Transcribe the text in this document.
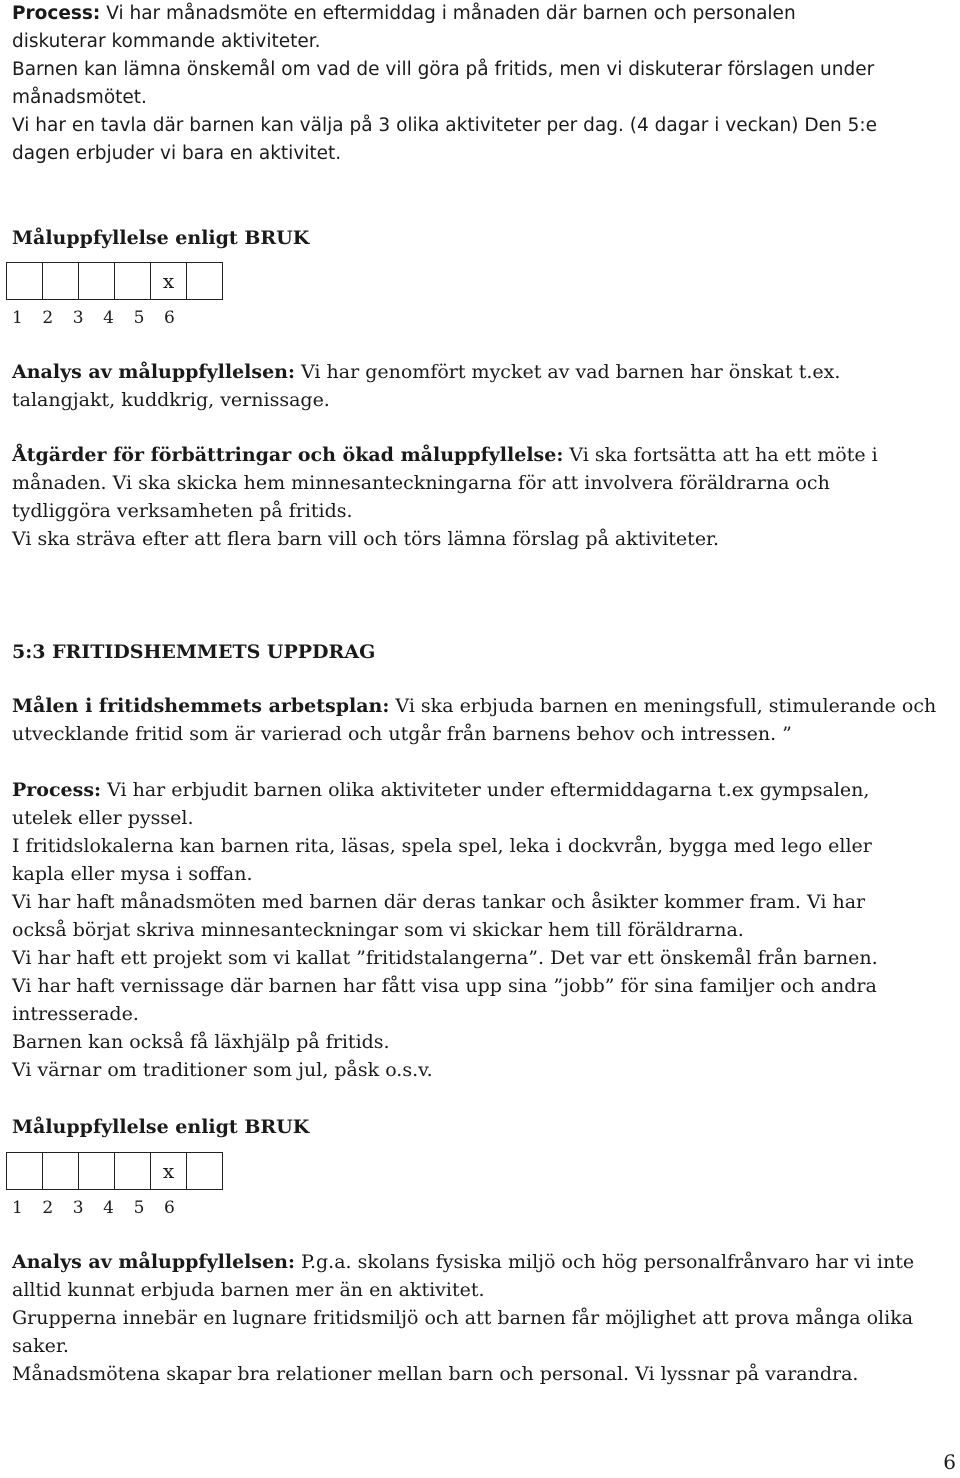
Process: Vi har månadsmöte en eftermiddag i månaden där barnen och personalen

diskuterar kommande aktiviteter.

Barnen kan lämna önskemål om vad de vill göra på fritids, men vi diskuterar förslagen under

månadsmötet.

Vi har en tavla där barnen kan välja på 3 olika aktiviteter per dag. (4 dagar i veckan) Den 5:e

dagen erbjuder vi bara en aktivitet.

Måluppfyllelse enligt BRUK

x
1	2	3	4	5	6

Analys av måluppfyllelsen: Vi har genomfört mycket av vad barnen har önskat t.ex.

talangjakt, kuddkrig, vernissage.

Åtgärder för förbättringar och ökad måluppfyllelse: Vi ska fortsätta att ha ett möte i

månaden. Vi ska skicka hem minnesanteckningarna för att involvera föräldrarna och

tydliggöra verksamheten på fritids.

Vi ska sträva efter att flera barn vill och törs lämna förslag på aktiviteter.

5:3 FRITIDSHEMMETS UPPDRAG

Målen i fritidshemmets arbetsplan: Vi ska erbjuda barnen en meningsfull, stimulerande och

utvecklande fritid som är varierad och utgår från barnens behov och intressen. ”

Process: Vi har erbjudit barnen olika aktiviteter under eftermiddagarna t.ex gympsalen,

utelek eller pyssel.

I fritidslokalerna kan barnen rita, läsas, spela spel, leka i dockvrån, bygga med lego eller

kapla eller mysa i soffan.

Vi har haft månadsmöten med barnen där deras tankar och åsikter kommer fram. Vi har

också börjat skriva minnesanteckningar som vi skickar hem till föräldrarna.

Vi har haft ett projekt som vi kallat ”fritidstalangerna”. Det var ett önskemål från barnen.

Vi har haft vernissage där barnen har fått visa upp sina ”jobb” för sina familjer och andra

intresserade.

Barnen kan också få läxhjälp på fritids.

Vi värnar om traditioner som jul, påsk o.s.v.

Måluppfyllelse enligt BRUK

x
1	2	3	4	5	6

Analys av måluppfyllelsen: P.g.a. skolans fysiska miljö och hög personalfrånvaro har vi inte

alltid kunnat erbjuda barnen mer än en aktivitet.

Grupperna innebär en lugnare fritidsmiljö och att barnen får möjlighet att prova många olika

saker.

Månadsmötena skapar bra relationer mellan barn och personal. Vi lyssnar på varandra.

6
